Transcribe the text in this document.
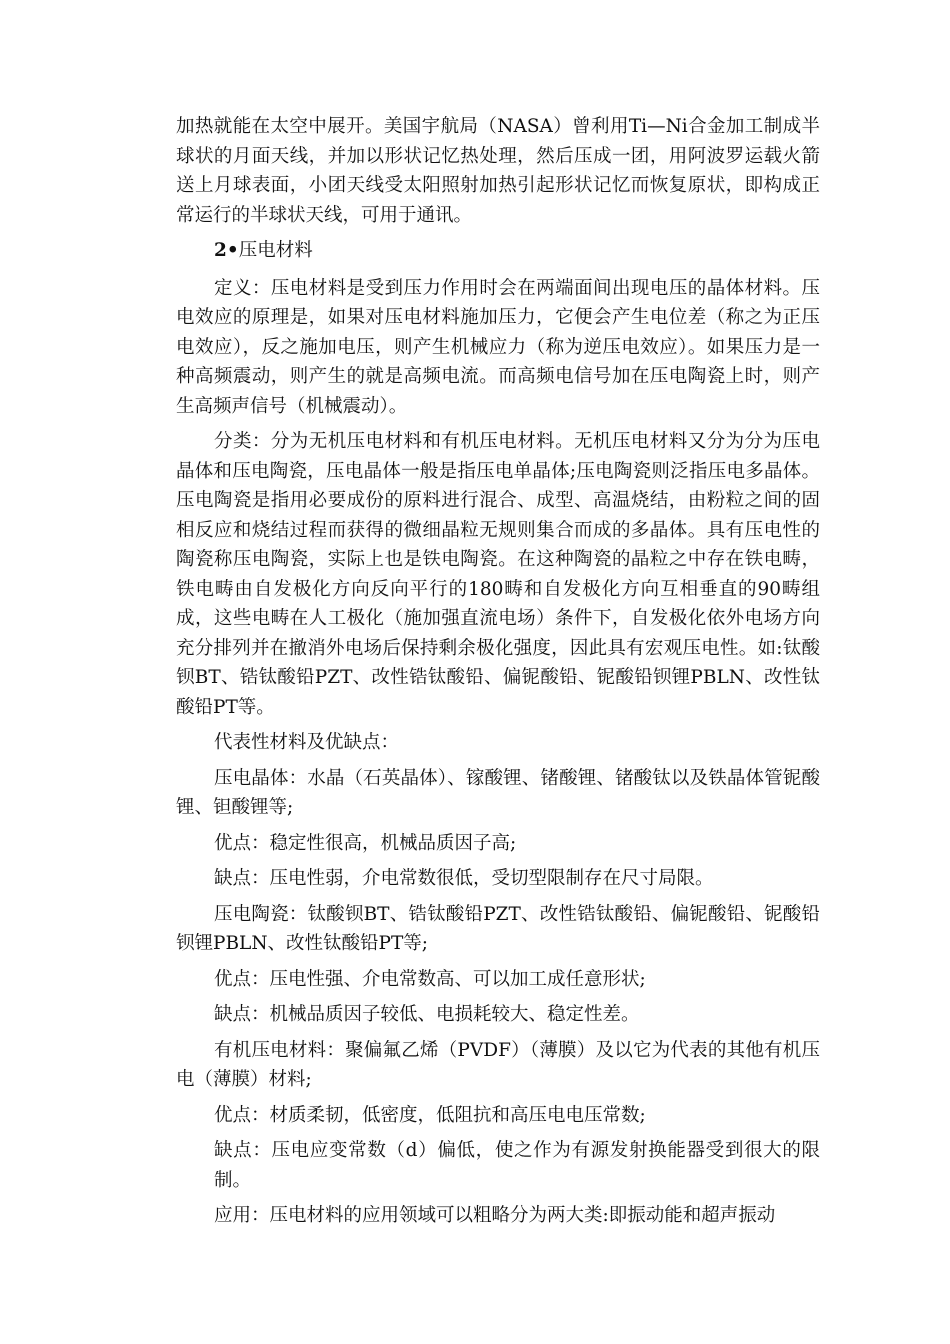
加热就能在太空中展开。美国宇航局（NASA）曾利用Ti—Ni合金加工制成半球状的月面天线，并加以形状记忆热处理，然后压成一团，用阿波罗运载火箭送上月球表面，小团天线受太阳照射加热引起形状记忆而恢复原状，即构成正常运行的半球状天线，可用于通讯。

2•压电材料

定义：压电材料是受到压力作用时会在两端面间出现电压的晶体材料。压电效应的原理是，如果对压电材料施加压力，它便会产生电位差（称之为正压电效应），反之施加电压，则产生机械应力（称为逆压电效应）。如果压力是一种高频震动，则产生的就是高频电流。而高频电信号加在压电陶瓷上时，则产生高频声信号（机械震动）。

分类：分为无机压电材料和有机压电材料。无机压电材料又分为分为压电晶体和压电陶瓷，压电晶体一般是指压电单晶体;压电陶瓷则泛指压电多晶体。压电陶瓷是指用必要成份的原料进行混合、成型、高温烧结，由粉粒之间的固相反应和烧结过程而获得的微细晶粒无规则集合而成的多晶体。具有压电性的陶瓷称压电陶瓷，实际上也是铁电陶瓷。在这种陶瓷的晶粒之中存在铁电畴，铁电畴由自发极化方向反向平行的180畴和自发极化方向互相垂直的90畴组成，这些电畴在人工极化（施加强直流电场）条件下，自发极化依外电场方向充分排列并在撤消外电场后保持剩余极化强度，因此具有宏观压电性。如:钛酸钡BT、锆钛酸铅PZT、改性锆钛酸铅、偏铌酸铅、铌酸铅钡锂PBLN、改性钛酸铅PT等。

代表性材料及优缺点：

压电晶体：水晶（石英晶体）、镓酸锂、锗酸锂、锗酸钛以及铁晶体管铌酸锂、钽酸锂等;

优点：稳定性很高，机械品质因子高;

缺点：压电性弱，介电常数很低，受切型限制存在尺寸局限。

压电陶瓷：钛酸钡BT、锆钛酸铅PZT、改性锆钛酸铅、偏铌酸铅、铌酸铅钡锂PBLN、改性钛酸铅PT等;

优点：压电性强、介电常数高、可以加工成任意形状;

缺点：机械品质因子较低、电损耗较大、稳定性差。

有机压电材料：聚偏氟乙烯（PVDF）（薄膜）及以它为代表的其他有机压电（薄膜）材料;

优点：材质柔韧，低密度，低阻抗和高压电电压常数;

缺点：压电应变常数（d）偏低，使之作为有源发射换能器受到很大的限制。

应用：压电材料的应用领域可以粗略分为两大类:即振动能和超声振动
